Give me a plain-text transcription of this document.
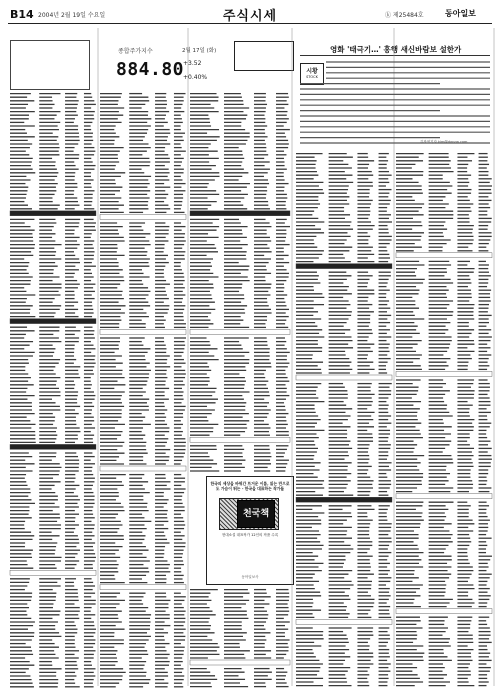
B14 2004년 2월 19일 수요일	주식시세	ⓚ 제25484호	동아일보
종합주가지수
884.80
2월 17일 (화)
+3.52
+0.40%
영화 '태극기…' 흥행 새신바람보 설한가
시황
STOCK
김창영기자 kim@donga.com
한국의 세상을 바꿔간 뜨거운 이름, 읽는 만으로도 가슴이 뛰는 - 한국을 대표하는 작가들
천국책
현대소설 대표작가 12인의 작품 수록
동아일보사
